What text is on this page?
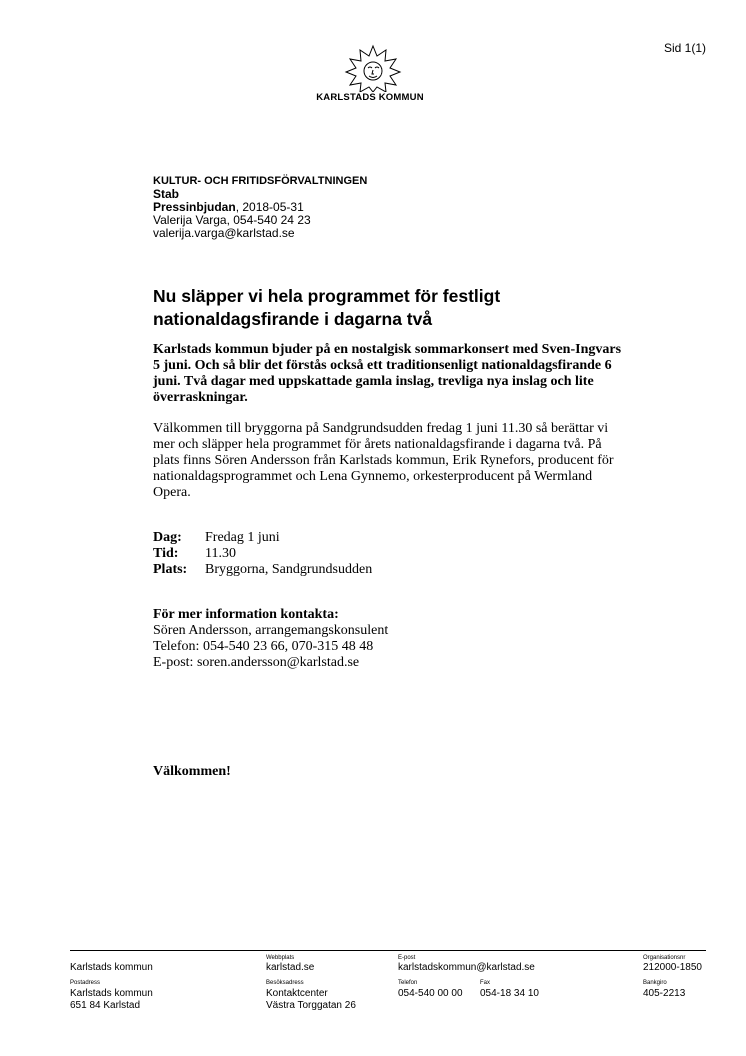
Sid 1(1)
KARLSTADS KOMMUN
KULTUR- OCH FRITIDSFÖRVALTNINGEN
Stab
Pressinbjudan, 2018-05-31
Valerija Varga, 054-540 24 23
valerija.varga@karlstad.se
Nu släpper vi hela programmet för festligt nationaldagsfirande i dagarna två
Karlstads kommun bjuder på en nostalgisk sommarkonsert med Sven-Ingvars 5 juni. Och så blir det förstås också ett traditionsenligt nationaldagsfirande 6 juni. Två dagar med uppskattade gamla inslag, trevliga nya inslag och lite överraskningar.
Välkommen till bryggorna på Sandgrundsudden fredag 1 juni 11.30 så berättar vi mer och släpper hela programmet för årets nationaldagsfirande i dagarna två. På plats finns Sören Andersson från Karlstads kommun, Erik Rynefors, producent för nationaldagsprogrammet och Lena Gynnemo, orkesterproducent på Wermland Opera.
Dag:	Fredag 1 juni
Tid:	11.30
Plats:	Bryggorna, Sandgrundsudden
För mer information kontakta:
Sören Andersson, arrangemangskonsulent
Telefon: 054-540 23 66, 070-315 48 48
E-post: soren.andersson@karlstad.se
Välkommen!
Karlstads kommun
Webbplats
karlstad.se
E-post
karlstadskommun@karlstad.se
Organisationsnr
212000-1850
Postadress
Karlstads kommun
651 84 Karlstad
Besöksadress
Kontaktcenter
Västra Torggatan 26
Telefon
054-540 00 00
Fax
054-18 34 10
Bankgiro
405-2213
